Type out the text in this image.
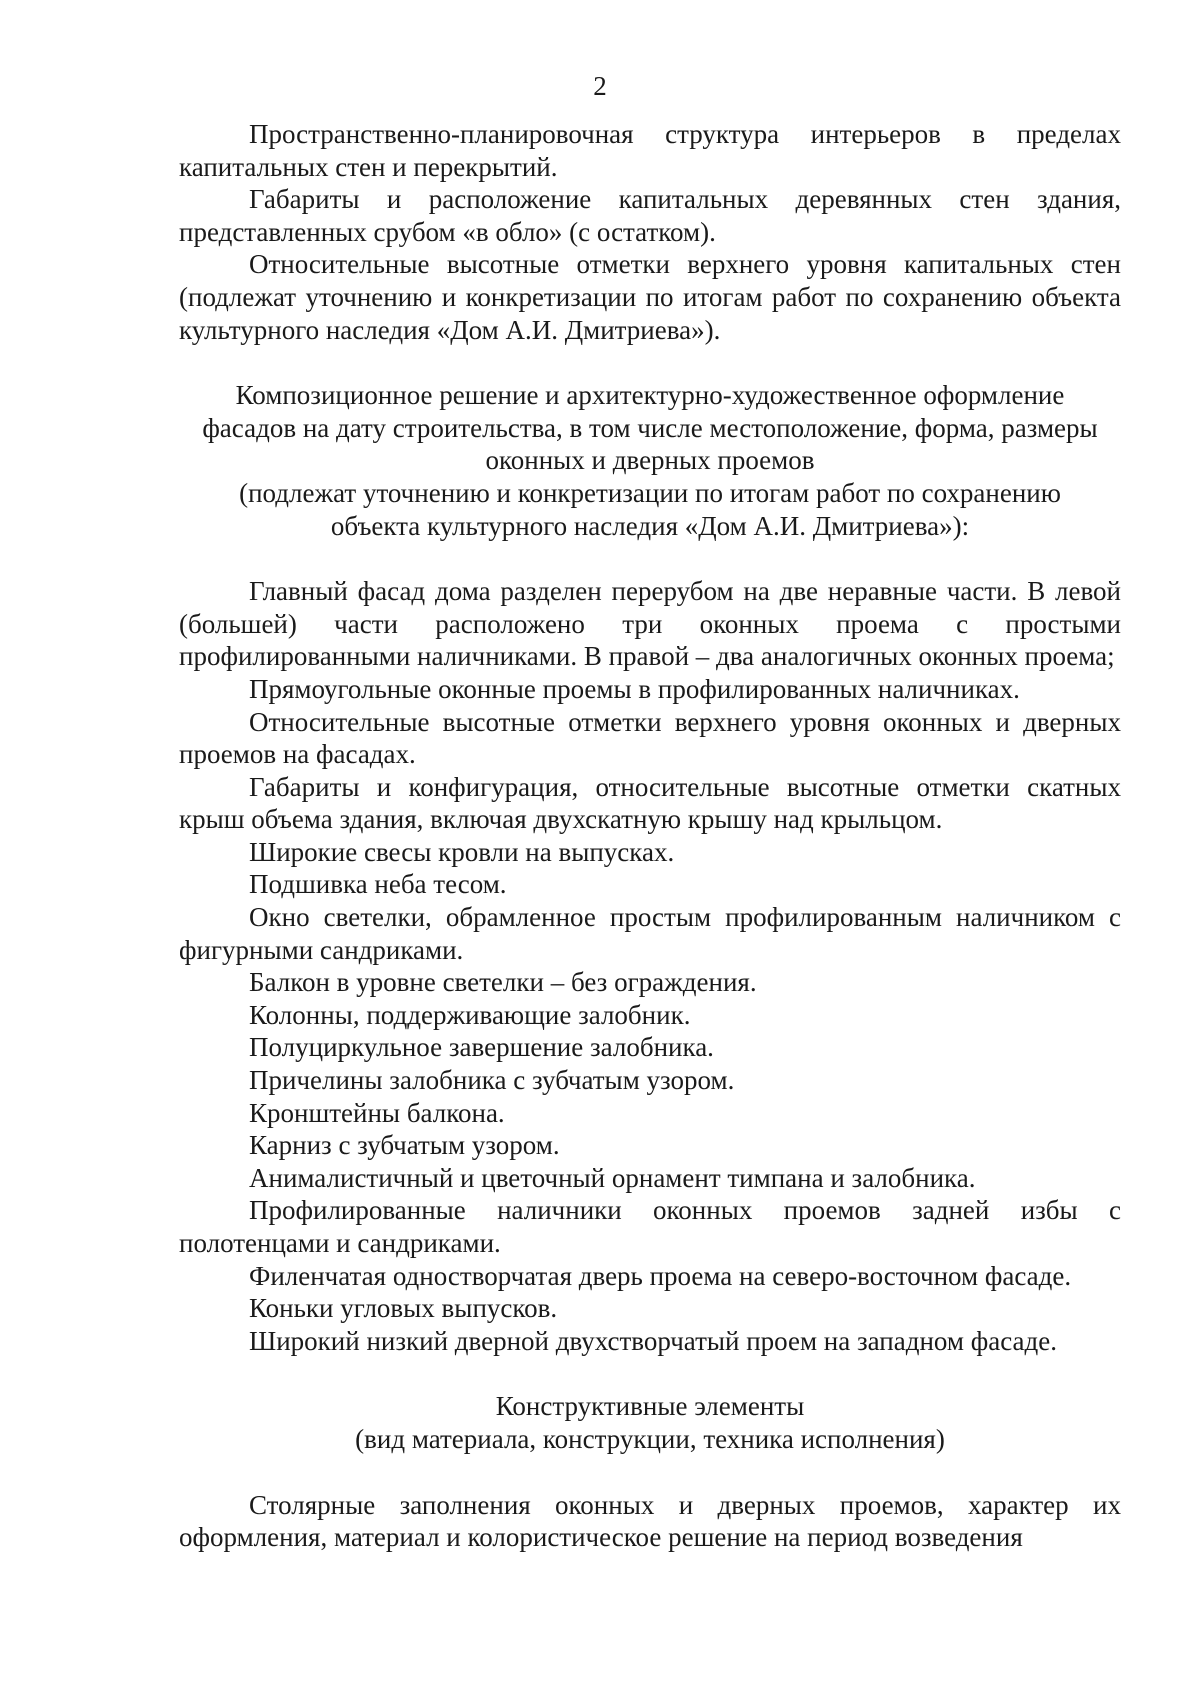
2

Пространственно-планировочная структура интерьеров в пределах капитальных стен и перекрытий.

Габариты и расположение капитальных деревянных стен здания, представленных срубом «в обло» (с остатком).

Относительные высотные отметки верхнего уровня капитальных стен (подлежат уточнению и конкретизации по итогам работ по сохранению объекта культурного наследия «Дом А.И. Дмитриева»).

Композиционное решение и архитектурно-художественное оформление

фасадов на дату строительства, в том числе местоположение, форма, размеры

оконных и дверных проемов

(подлежат уточнению и конкретизации по итогам работ по сохранению

объекта культурного наследия «Дом А.И. Дмитриева»):

Главный фасад дома разделен перерубом на две неравные части. В левой (большей) части расположено три оконных проема с простыми профилированными наличниками. В правой – два аналогичных оконных проема;

Прямоугольные оконные проемы в профилированных наличниках.

Относительные высотные отметки верхнего уровня оконных и дверных проемов на фасадах.

Габариты и конфигурация, относительные высотные отметки скатных крыш объема здания, включая двухскатную крышу над крыльцом.

Широкие свесы кровли на выпусках.

Подшивка неба тесом.

Окно светелки, обрамленное простым профилированным наличником с фигурными сандриками.

Балкон в уровне светелки – без ограждения.

Колонны, поддерживающие залобник.

Полуциркульное завершение залобника.

Причелины залобника с зубчатым узором.

Кронштейны балкона.

Карниз с зубчатым узором.

Анималистичный и цветочный орнамент тимпана и залобника.

Профилированные наличники оконных проемов задней избы с полотенцами и сандриками.

Филенчатая одностворчатая дверь проема на северо-восточном фасаде.

Коньки угловых выпусков.

Широкий низкий дверной двухстворчатый проем на западном фасаде.

Конструктивные элементы

(вид материала, конструкции, техника исполнения)

Столярные заполнения оконных и дверных проемов, характер их оформления, материал и колористическое решение на период возведения
